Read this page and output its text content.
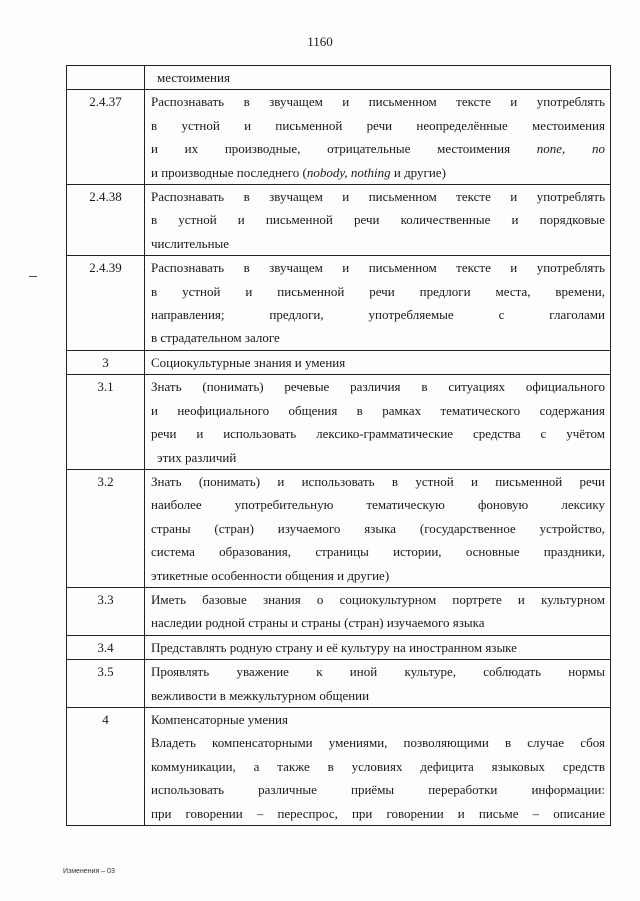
1160

	местоимения

2.4.37	Распознавать в звучащем и письменном тексте и употреблять
в устной и письменной речи неопределённые местоимения
и их производные, отрицательные местоимения none, no
и производные последнего (nobody, nothing и другие)

2.4.38	Распознавать в звучащем и письменном тексте и употреблять
в устной и письменной речи количественные и порядковые
числительные

2.4.39	Распознавать в звучащем и письменном тексте и употреблять
в устной и письменной речи предлоги места, времени,
направления; предлоги, употребляемые с глаголами
в страдательном залоге

3	Социокультурные знания и умения

3.1	Знать (понимать) речевые различия в ситуациях официального
и неофициального общения в рамках тематического содержания
речи и использовать лексико-грамматические средства с учётом
этих различий

3.2	Знать (понимать) и использовать в устной и письменной речи
наиболее употребительную тематическую фоновую лексику
страны (стран) изучаемого языка (государственное устройство,
система образования, страницы истории, основные праздники,
этикетные особенности общения и другие)

3.3	Иметь базовые знания о социокультурном портрете и культурном
наследии родной страны и страны (стран) изучаемого языка

3.4	Представлять родную страну и её культуру на иностранном языке

3.5	Проявлять уважение к иной культуре, соблюдать нормы
вежливости в межкультурном общении

4	Компенсаторные умения
Владеть компенсаторными умениями, позволяющими в случае сбоя
коммуникации, а также в условиях дефицита языковых средств
использовать различные приёмы переработки информации:
при говорении – переспрос, при говорении и письме – описание
Изменения – 03
